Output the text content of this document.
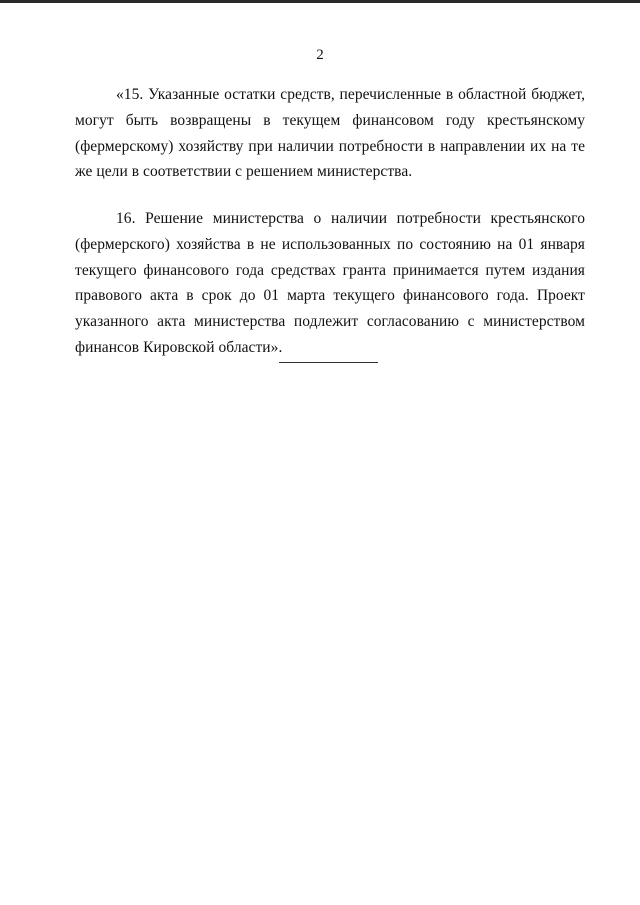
2

«15. Указанные остатки средств, перечисленные в областной бюджет, могут быть возвращены в текущем финансовом году крестьянскому (фермерскому) хозяйству при наличии потребности в направлении их на те же цели в соответствии с решением министерства.

16. Решение министерства о наличии потребности крестьянского (фермерского) хозяйства в не использованных по состоянию на 01 января текущего финансового года средствах гранта принимается путем издания правового акта в срок до 01 марта текущего финансового года. Проект указанного акта министерства подлежит согласованию с министерством финансов Кировской области».
